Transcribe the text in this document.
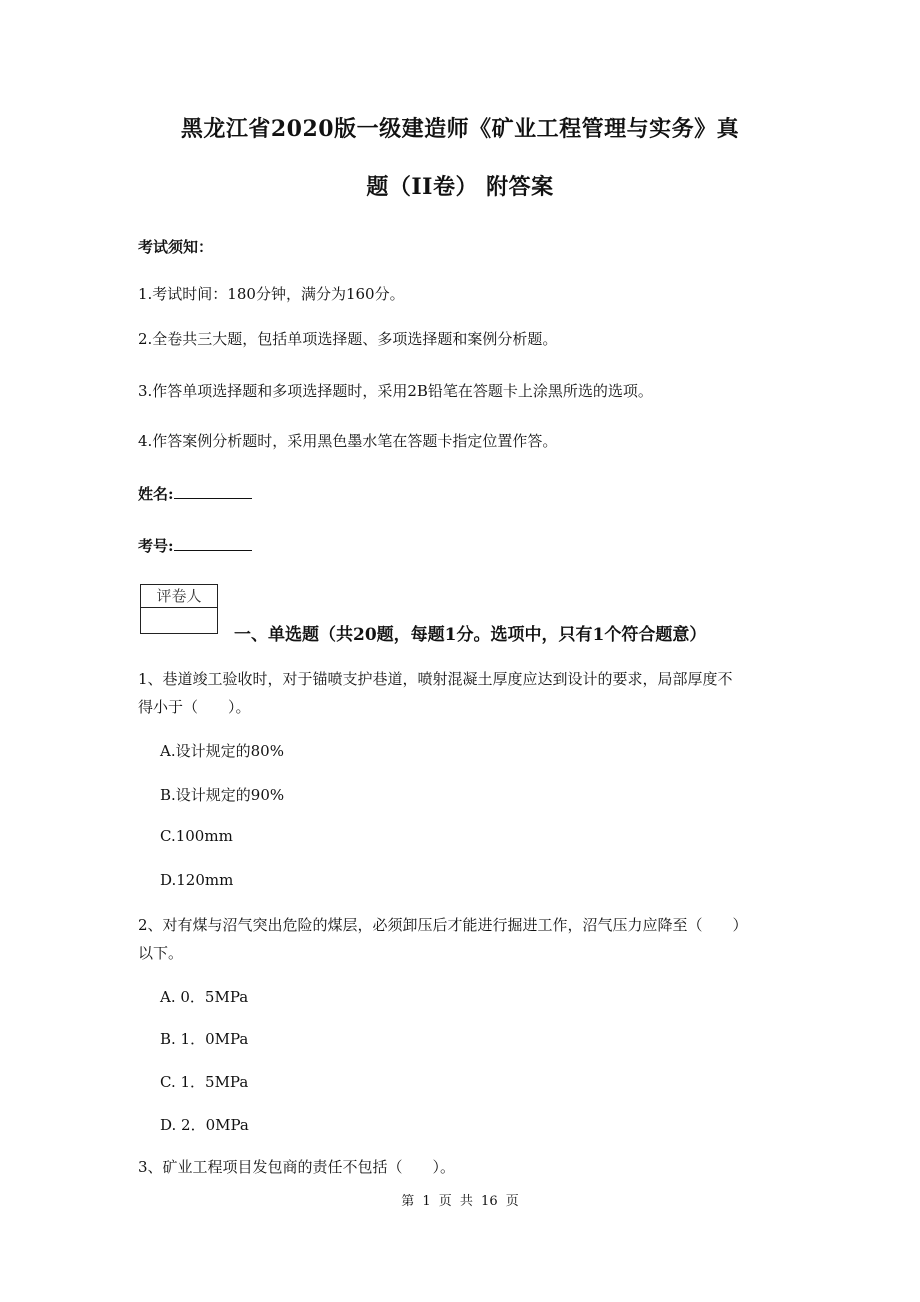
黑龙江省2020版一级建造师《矿业工程管理与实务》真
题（II卷） 附答案
考试须知：
1.考试时间：180分钟，满分为160分。
2.全卷共三大题，包括单项选择题、多项选择题和案例分析题。
3.作答单项选择题和多项选择题时，采用2B铅笔在答题卡上涂黑所选的选项。
4.作答案例分析题时，采用黑色墨水笔在答题卡指定位置作答。
姓名:
考号:
评卷人
一、单选题（共20题，每题1分。选项中，只有1个符合题意）
1、巷道竣工验收时，对于锚喷支护巷道，喷射混凝土厚度应达到设计的要求，局部厚度不
得小于（　　）。
A.设计规定的80%
B.设计规定的90%
C.100mm
D.120mm
2、对有煤与沼气突出危险的煤层，必须卸压后才能进行掘进工作，沼气压力应降至（　　）
以下。
A. 0．5MPa
B. 1．0MPa
C. 1．5MPa
D. 2．0MPa
3、矿业工程项目发包商的责任不包括（　　）。
第 1 页 共 16 页
